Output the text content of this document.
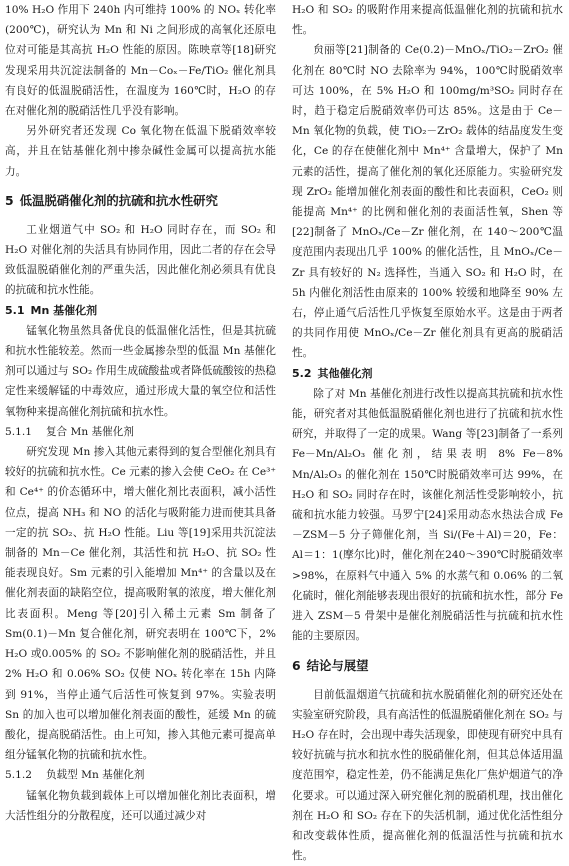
10% H₂O 作用下 240h 内可维持 100% 的 NOₓ 转化率(200℃)，研究认为 Mn 和 Ni 之间形成的高氧化还原电位对可能是其高抗 H₂O 性能的原因。陈映章等[18]研究发现采用共沉淀法制备的 Mn－Coₓ－Fe/TiO₂ 催化剂具有良好的低温脱硝活性，在温度为 160℃时，H₂O 的存在对催化剂的脱硝活性几乎没有影响。

另外研究者还发现 Co 氧化物在低温下脱硝效率较高，并且在钴基催化剂中掺杂碱性金属可以提高抗水能力。

5 低温脱硝催化剂的抗硫和抗水性研究

工业烟道气中 SO₂ 和 H₂O 同时存在，而 SO₂ 和 H₂O 对催化剂的失活具有协同作用，因此二者的存在会导致低温脱硝催化剂的严重失活，因此催化剂必须具有优良的抗硫和抗水性能。

5.1 Mn 基催化剂

锰氧化物虽然具备优良的低温催化活性，但是其抗硫和抗水性能较差。然而一些金属掺杂型的低温 Mn 基催化剂可以通过与 SO₂ 作用生成硫酸盐或者降低硫酸铵的热稳定性来缓解锰的中毒效应，通过形成大量的氧空位和活性氧物种来提高催化剂抗硫和抗水性。

5.1.1 复合 Mn 基催化剂

研究发现 Mn 掺入其他元素得到的复合型催化剂具有较好的抗硫和抗水性。Ce 元素的掺入会使 CeO₂ 在 Ce³⁺ 和 Ce⁴⁺ 的价态循环中，增大催化剂比表面积，减小活性位点，提高 NH₃ 和 NO 的活化与吸附能力进而使其具备一定的抗 SO₂、抗 H₂O 性能。Liu 等[19]采用共沉淀法制备的 Mn－Ce 催化剂，其活性和抗 H₂O、抗 SO₂ 性能表现良好。Sm 元素的引入能增加 Mn⁴⁺ 的含量以及在催化剂表面的缺陷空位，提高吸附氧的浓度，增大催化剂比表面积。Meng 等[20]引入稀土元素 Sm 制备了 Sm(0.1)－Mn 复合催化剂，研究表明在 100℃下，2% H₂O 或0.005% 的 SO₂ 不影响催化剂的脱硝活性，并且2% H₂O 和 0.06% SO₂ 仅使 NOₓ 转化率在 15h 内降到 91%，当停止通气后活性可恢复到 97%。实验表明 Sn 的加入也可以增加催化剂表面的酸性，延缓 Mn 的硫酸化，提高脱硝活性。由上可知，掺入其他元素可提高单组分锰氧化物的抗硫和抗水性。

5.1.2 负载型 Mn 基催化剂

锰氧化物负载到载体上可以增加催化剂比表面积，增大活性组分的分散程度，还可以通过减少对

H₂O 和 SO₂ 的吸附作用来提高低温催化剂的抗硫和抗水性。

贠丽等[21]制备的 Ce(0.2)－MnOₓ/TiO₂－ZrO₂ 催化剂在 80℃时 NO 去除率为 94%，100℃时脱硝效率可达 100%，在 5% H₂O 和 100mg/m³SO₂ 同时存在时，趋于稳定后脱硝效率仍可达 85%。这是由于 Ce－Mn 氧化物的负载，使 TiO₂－ZrO₂ 载体的结晶度发生变化，Ce 的存在使催化剂中 Mn⁴⁺ 含量增大，保护了 Mn 元素的活性，提高了催化剂的氧化还原能力。实验研究发现 ZrO₂ 能增加催化剂表面的酸性和比表面积，CeO₂ 则能提高 Mn⁴⁺ 的比例和催化剂的表面活性氧，Shen 等[22]制备了 MnOₓ/Ce－Zr 催化剂，在 140～200℃温度范围内表现出几乎 100% 的催化活性，且 MnOₓ/Ce－Zr 具有较好的 N₂ 选择性，当通入 SO₂ 和 H₂O 时，在 5h 内催化剂活性由原来的 100% 较缓和地降至 90% 左右，停止通气后活性几乎恢复至原始水平。这是由于两者的共同作用使 MnOₓ/Ce－Zr 催化剂具有更高的脱硝活性。

5.2 其他催化剂

除了对 Mn 基催化剂进行改性以提高其抗硫和抗水性能，研究者对其他低温脱硝催化剂也进行了抗硫和抗水性研究，并取得了一定的成果。Wang 等[23]制备了一系列 Fe－Mn/Al₂O₃ 催化剂，结果表明 8% Fe－8% Mn/Al₂O₃ 的催化剂在 150℃时脱硝效率可达 99%，在 H₂O 和 SO₂ 同时存在时，该催化剂活性受影响较小，抗硫和抗水能力较强。马罗宁[24]采用动态水热法合成 Fe－ZSM－5 分子筛催化剂，当 Si/(Fe＋Al)＝20，Fe：Al＝1：1(摩尔比)时，催化剂在240～390℃时脱硝效率>98%，在原料气中通入 5% 的水蒸气和 0.06% 的二氧化硫时，催化剂能够表现出很好的抗硫和抗水性，部分 Fe 进入 ZSM－5 骨架中是催化剂脱硝活性与抗硫和抗水性能的主要原因。

6 结论与展望

目前低温烟道气抗硫和抗水脱硝催化剂的研究还处在实验室研究阶段，具有高活性的低温脱硝催化剂在 SO₂ 与 H₂O 存在时，会出现中毒失活现象，即使现有研究中具有较好抗硫与抗水和抗水性的脱硝催化剂，但其总体适用温度范围窄，稳定性差，仍不能满足焦化厂焦炉烟道气的净化要求。可以通过深入研究催化剂的脱硝机理，找出催化剂在 H₂O 和 SO₂ 存在下的失活机制，通过优化活性组分和改变载体性质，提高催化剂的低温活性与抗硫和抗水性。
